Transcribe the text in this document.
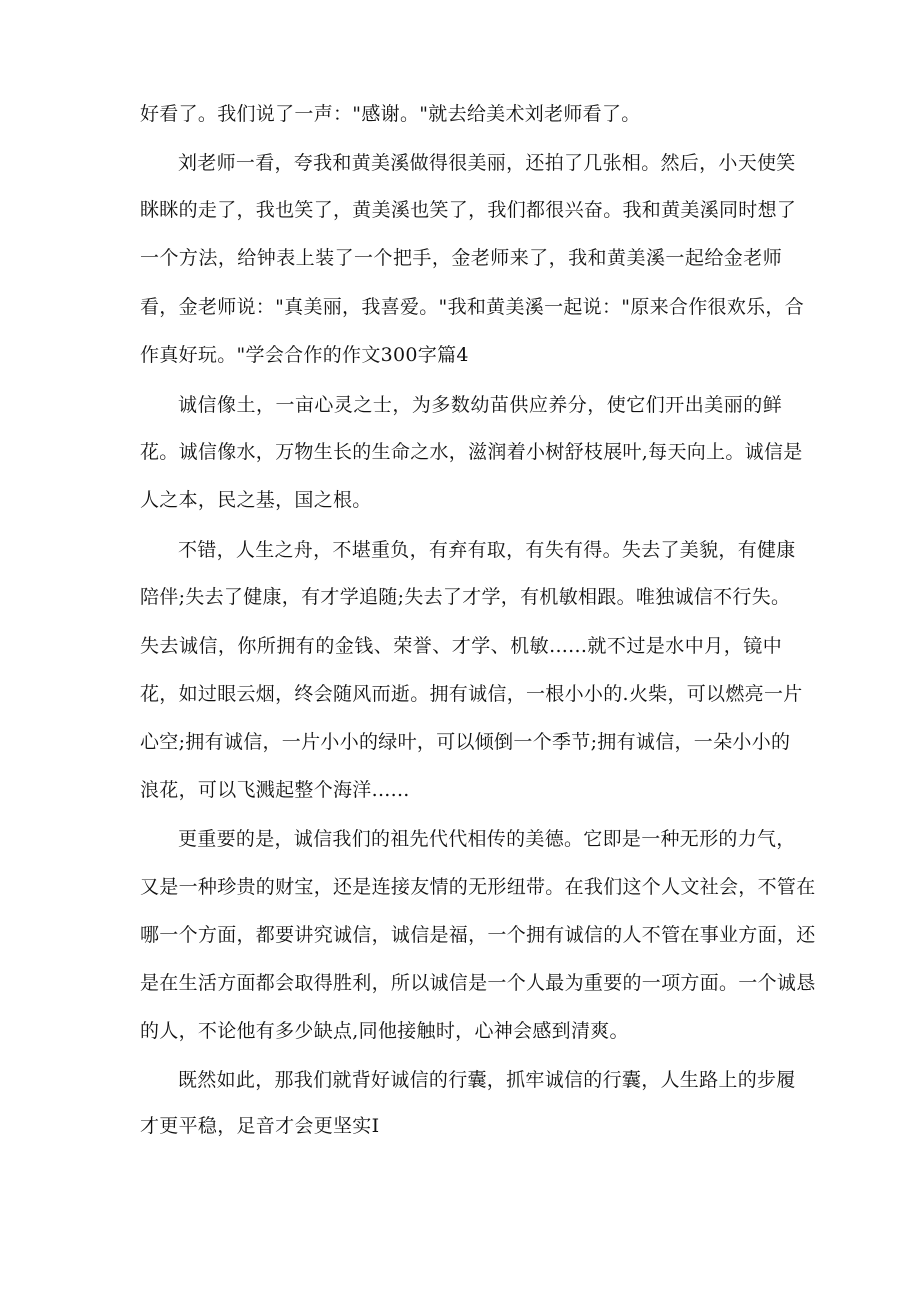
好看了。我们说了一声："感谢。"就去给美术刘老师看了。
刘老师一看，夸我和黄美溪做得很美丽，还拍了几张相。然后，小天使笑
眯眯的走了，我也笑了，黄美溪也笑了，我们都很兴奋。我和黄美溪同时想了
一个方法，给钟表上装了一个把手，金老师来了，我和黄美溪一起给金老师
看，金老师说："真美丽，我喜爱。"我和黄美溪一起说："原来合作很欢乐，合
作真好玩。"学会合作的作文300字篇4
诚信像土，一亩心灵之士，为多数幼苗供应养分，使它们开出美丽的鲜
花。诚信像水，万物生长的生命之水，滋润着小树舒枝展叶,每天向上。诚信是
人之本，民之基，国之根。
不错，人生之舟，不堪重负，有弃有取，有失有得。失去了美貌，有健康
陪伴;失去了健康，有才学追随;失去了才学，有机敏相跟。唯独诚信不行失。
失去诚信，你所拥有的金钱、荣誉、才学、机敏......就不过是水中月，镜中
花，如过眼云烟，终会随风而逝。拥有诚信，一根小小的.火柴，可以燃亮一片
心空;拥有诚信，一片小小的绿叶，可以倾倒一个季节;拥有诚信，一朵小小的
浪花，可以飞溅起整个海洋......
更重要的是，诚信我们的祖先代代相传的美德。它即是一种无形的力气，
又是一种珍贵的财宝，还是连接友情的无形纽带。在我们这个人文社会，不管在
哪一个方面，都要讲究诚信，诚信是福，一个拥有诚信的人不管在事业方面，还
是在生活方面都会取得胜利，所以诚信是一个人最为重要的一项方面。一个诚恳
的人，不论他有多少缺点,同他接触时，心神会感到清爽。
既然如此，那我们就背好诚信的行囊，抓牢诚信的行囊，人生路上的步履
才更平稳，足音才会更坚实I
